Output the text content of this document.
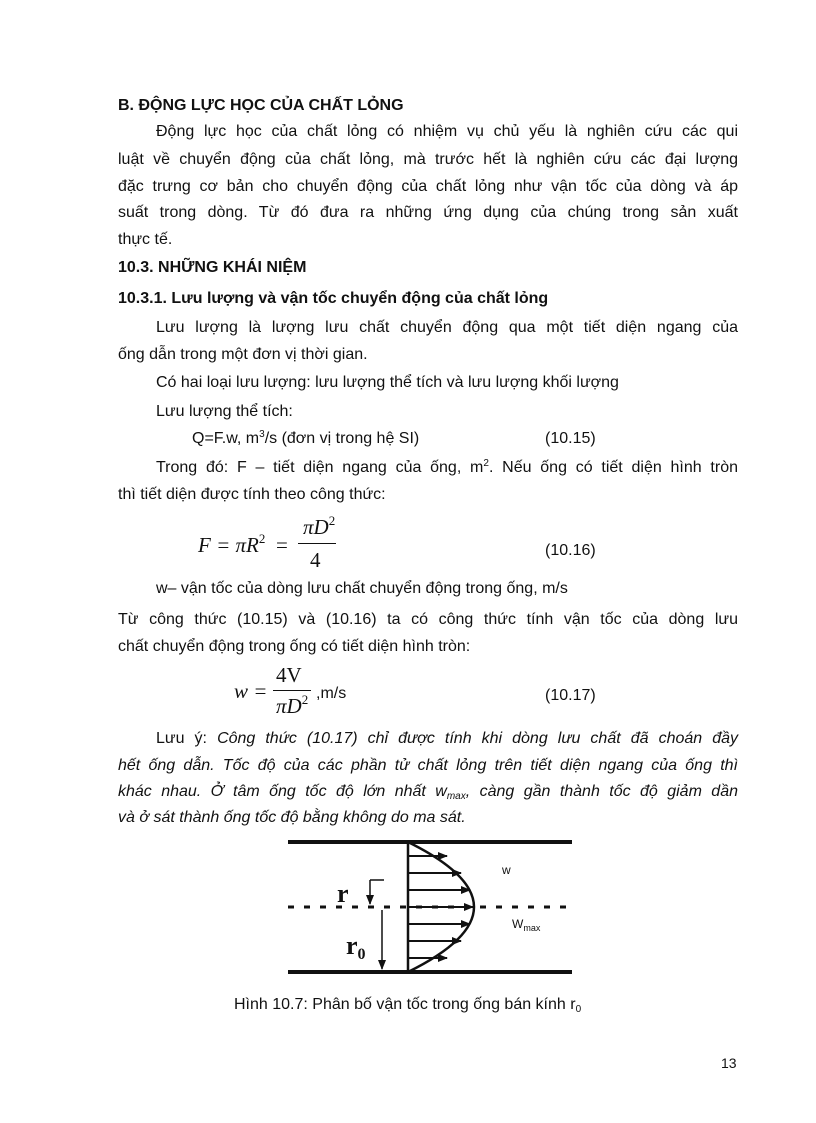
B. ĐỘNG LỰC HỌC CỦA CHẤT LỎNG
Động lực học của chất lỏng có nhiệm vụ chủ yếu là nghiên cứu các qui
luật về chuyển động của chất lỏng, mà trước hết là nghiên cứu các đại lượng
đặc trưng cơ bản cho chuyển động của chất lỏng như vận tốc của dòng và áp
suất trong dòng. Từ đó đưa ra những ứng dụng của chúng trong sản xuất
thực tế.
10.3. NHỮNG KHÁI NIỆM
10.3.1. Lưu lượng và vận tốc chuyển động của chất lỏng
Lưu lượng là lượng lưu chất chuyển động qua một tiết diện ngang của
ống dẫn trong một đơn vị thời gian.
Có hai loại lưu lượng: lưu lượng thể tích và lưu lượng khối lượng
Lưu lượng thể tích:
Q=F.w, $m^3/s$ (đơn vị trong hệ SI)	(10.15)
Trong đó: F – tiết diện ngang của ống, $m^2$. Nếu ống có tiết diện hình tròn
thì tiết diện được tính theo công thức:
$F = \pi R^2$ =
$\pi D^2$
4	(10.16)
w– vận tốc của dòng lưu chất chuyển động trong ống, m/s
Từ công thức (10.15) và (10.16) ta có công thức tính vận tốc của dòng lưu
chất chuyển động trong ống có tiết diện hình tròn:
w =
4V
$\pi D^2$ ,m/s	(10.17)
Lưu ý: Công thức (10.17) chỉ được tính khi dòng lưu chất đã choán đầy
hết ống dẫn. Tốc độ của các phần tử chất lỏng trên tiết diện ngang của ống thì
khác nhau. Ở tâm ống tốc độ lớn nhất $w_{max}$, càng gần thành tốc độ giảm dần
và ở sát thành ống tốc độ bằng không do ma sát.
r
r0
w
$W_{max}$
Hình 10.7: Phân bố vận tốc trong ống bán kính $r_0$
13
